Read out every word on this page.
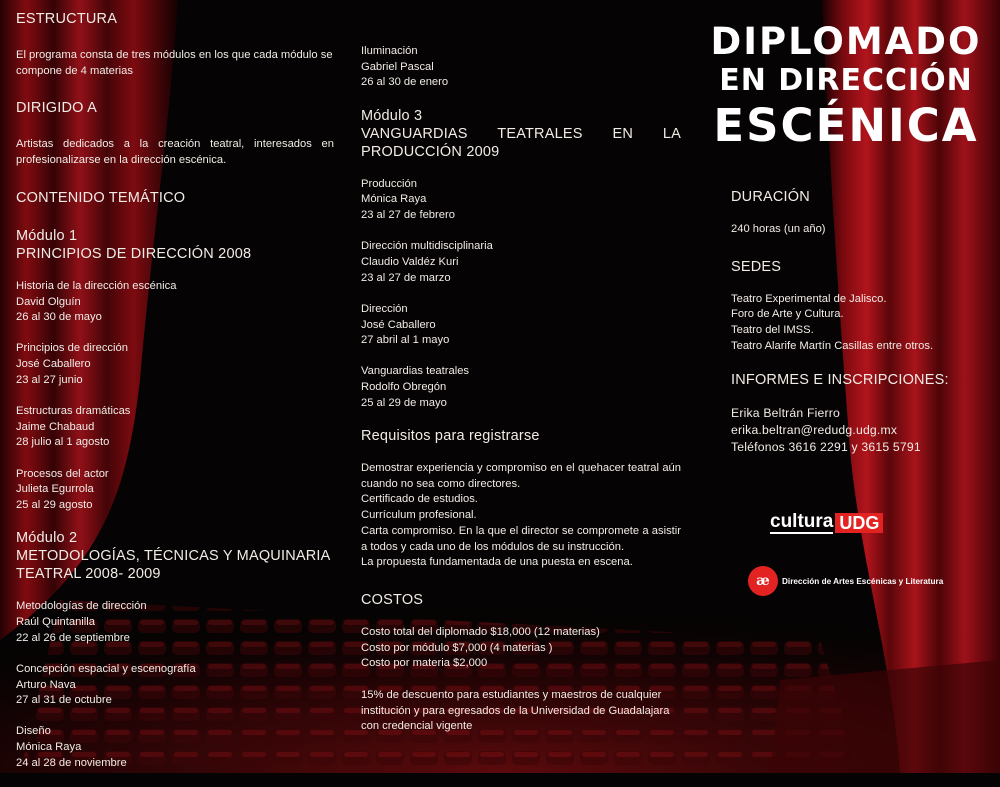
DIPLOMADO
EN DIRECCIÓN
ESCÉNICA
ESTRUCTURA
El programa consta de tres módulos en los que cada módulo se compone de 4 materias
DIRIGIDO A
Artistas dedicados a la creación teatral, interesados en profesionalizarse en la dirección escénica.
CONTENIDO TEMÁTICO
Módulo 1
PRINCIPIOS DE DIRECCIÓN 2008
Historia de la dirección escénica
David Olguín
26 al 30 de mayo
Principios de dirección
José Caballero
23 al 27 junio
Estructuras dramáticas
Jaime Chabaud
28 julio al 1 agosto
Procesos del actor
Julieta Egurrola
25 al 29 agosto
Módulo 2
METODOLOGÍAS, TÉCNICAS Y MAQUINARIA TEATRAL 2008- 2009
Metodologías de dirección
Raúl Quintanilla
22 al 26 de septiembre
Concepción espacial y escenografía
Arturo Nava
27 al 31 de octubre
Diseño
Mónica Raya
24 al 28 de noviembre
Iluminación
Gabriel Pascal
26 al 30 de enero
Módulo 3
VANGUARDIAS TEATRALES EN LA PRODUCCIÓN 2009
Producción
Mónica Raya
23 al 27 de febrero
Dirección multidisciplinaria
Claudio Valdéz Kuri
23 al 27 de marzo
Dirección
José Caballero
27 abril al 1 mayo
Vanguardias teatrales
Rodolfo Obregón
25 al 29 de mayo
Requisitos para registrarse
Demostrar experiencia y compromiso en el quehacer teatral aún cuando no sea como directores.
Certificado de estudios.
Currículum profesional.
Carta compromiso. En la que el director se compromete a asistir a todos y cada uno de los módulos de su instrucción.
La propuesta fundamentada de una puesta en escena.
COSTOS
Costo total del diplomado $18,000 (12 materias)
Costo por módulo $7,000 (4 materias )
Costo por materia $2,000
15% de descuento para estudiantes y maestros de cualquier institución y para egresados de la Universidad de Guadalajara con credencial vigente
DURACIÓN
240 horas (un año)
SEDES
Teatro Experimental de Jalisco.
Foro de Arte y Cultura.
Teatro del IMSS.
Teatro Alarife Martín Casillas entre otros.
INFORMES E INSCRIPCIONES:
Erika Beltrán Fierro
erika.beltran@redudg.udg.mx
Teléfonos 3616 2291 y 3615 5791
cultura UDG
æ	Dirección de Artes Escénicas y Literatura
